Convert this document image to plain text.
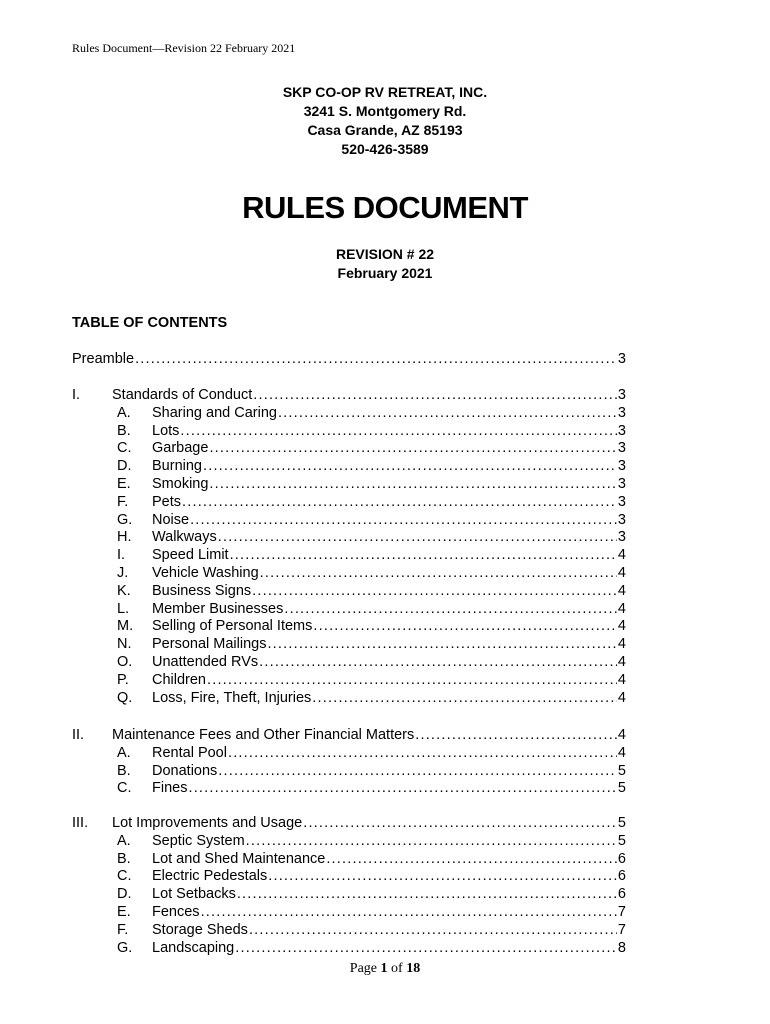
Rules Document—Revision 22 February 2021
SKP CO-OP RV RETREAT, INC.
3241 S. Montgomery Rd.
Casa Grande, AZ 85193
520-426-3589
RULES DOCUMENT
REVISION # 22
February 2021
TABLE OF CONTENTS
Preamble .....	3
I.	Standards of Conduct .....	3
A.	Sharing and Caring .....	3
B.	Lots .....	3
C.	Garbage .....	3
D.	Burning .....	3
E.	Smoking .....	3
F.	Pets .....	3
G.	Noise .....	3
H.	Walkways .....	3
I.	Speed Limit .....	4
J.	Vehicle Washing .....	4
K.	Business Signs .....	4
L.	Member Businesses .....	4
M.	Selling of Personal Items .....	4
N.	Personal Mailings .....	4
O.	Unattended RVs .....	4
P.	Children .....	4
Q.	Loss, Fire, Theft, Injuries .....	4
II.	Maintenance Fees and Other Financial Matters .....	4
A.	Rental Pool .....	4
B.	Donations .....	5
C.	Fines .....	5
III.	Lot Improvements and Usage .....	5
A.	Septic System .....	5
B.	Lot and Shed Maintenance .....	6
C.	Electric Pedestals .....	6
D.	Lot Setbacks .....	6
E.	Fences .....	7
F.	Storage Sheds .....	7
G.	Landscaping .....	8
Page 1 of 18
